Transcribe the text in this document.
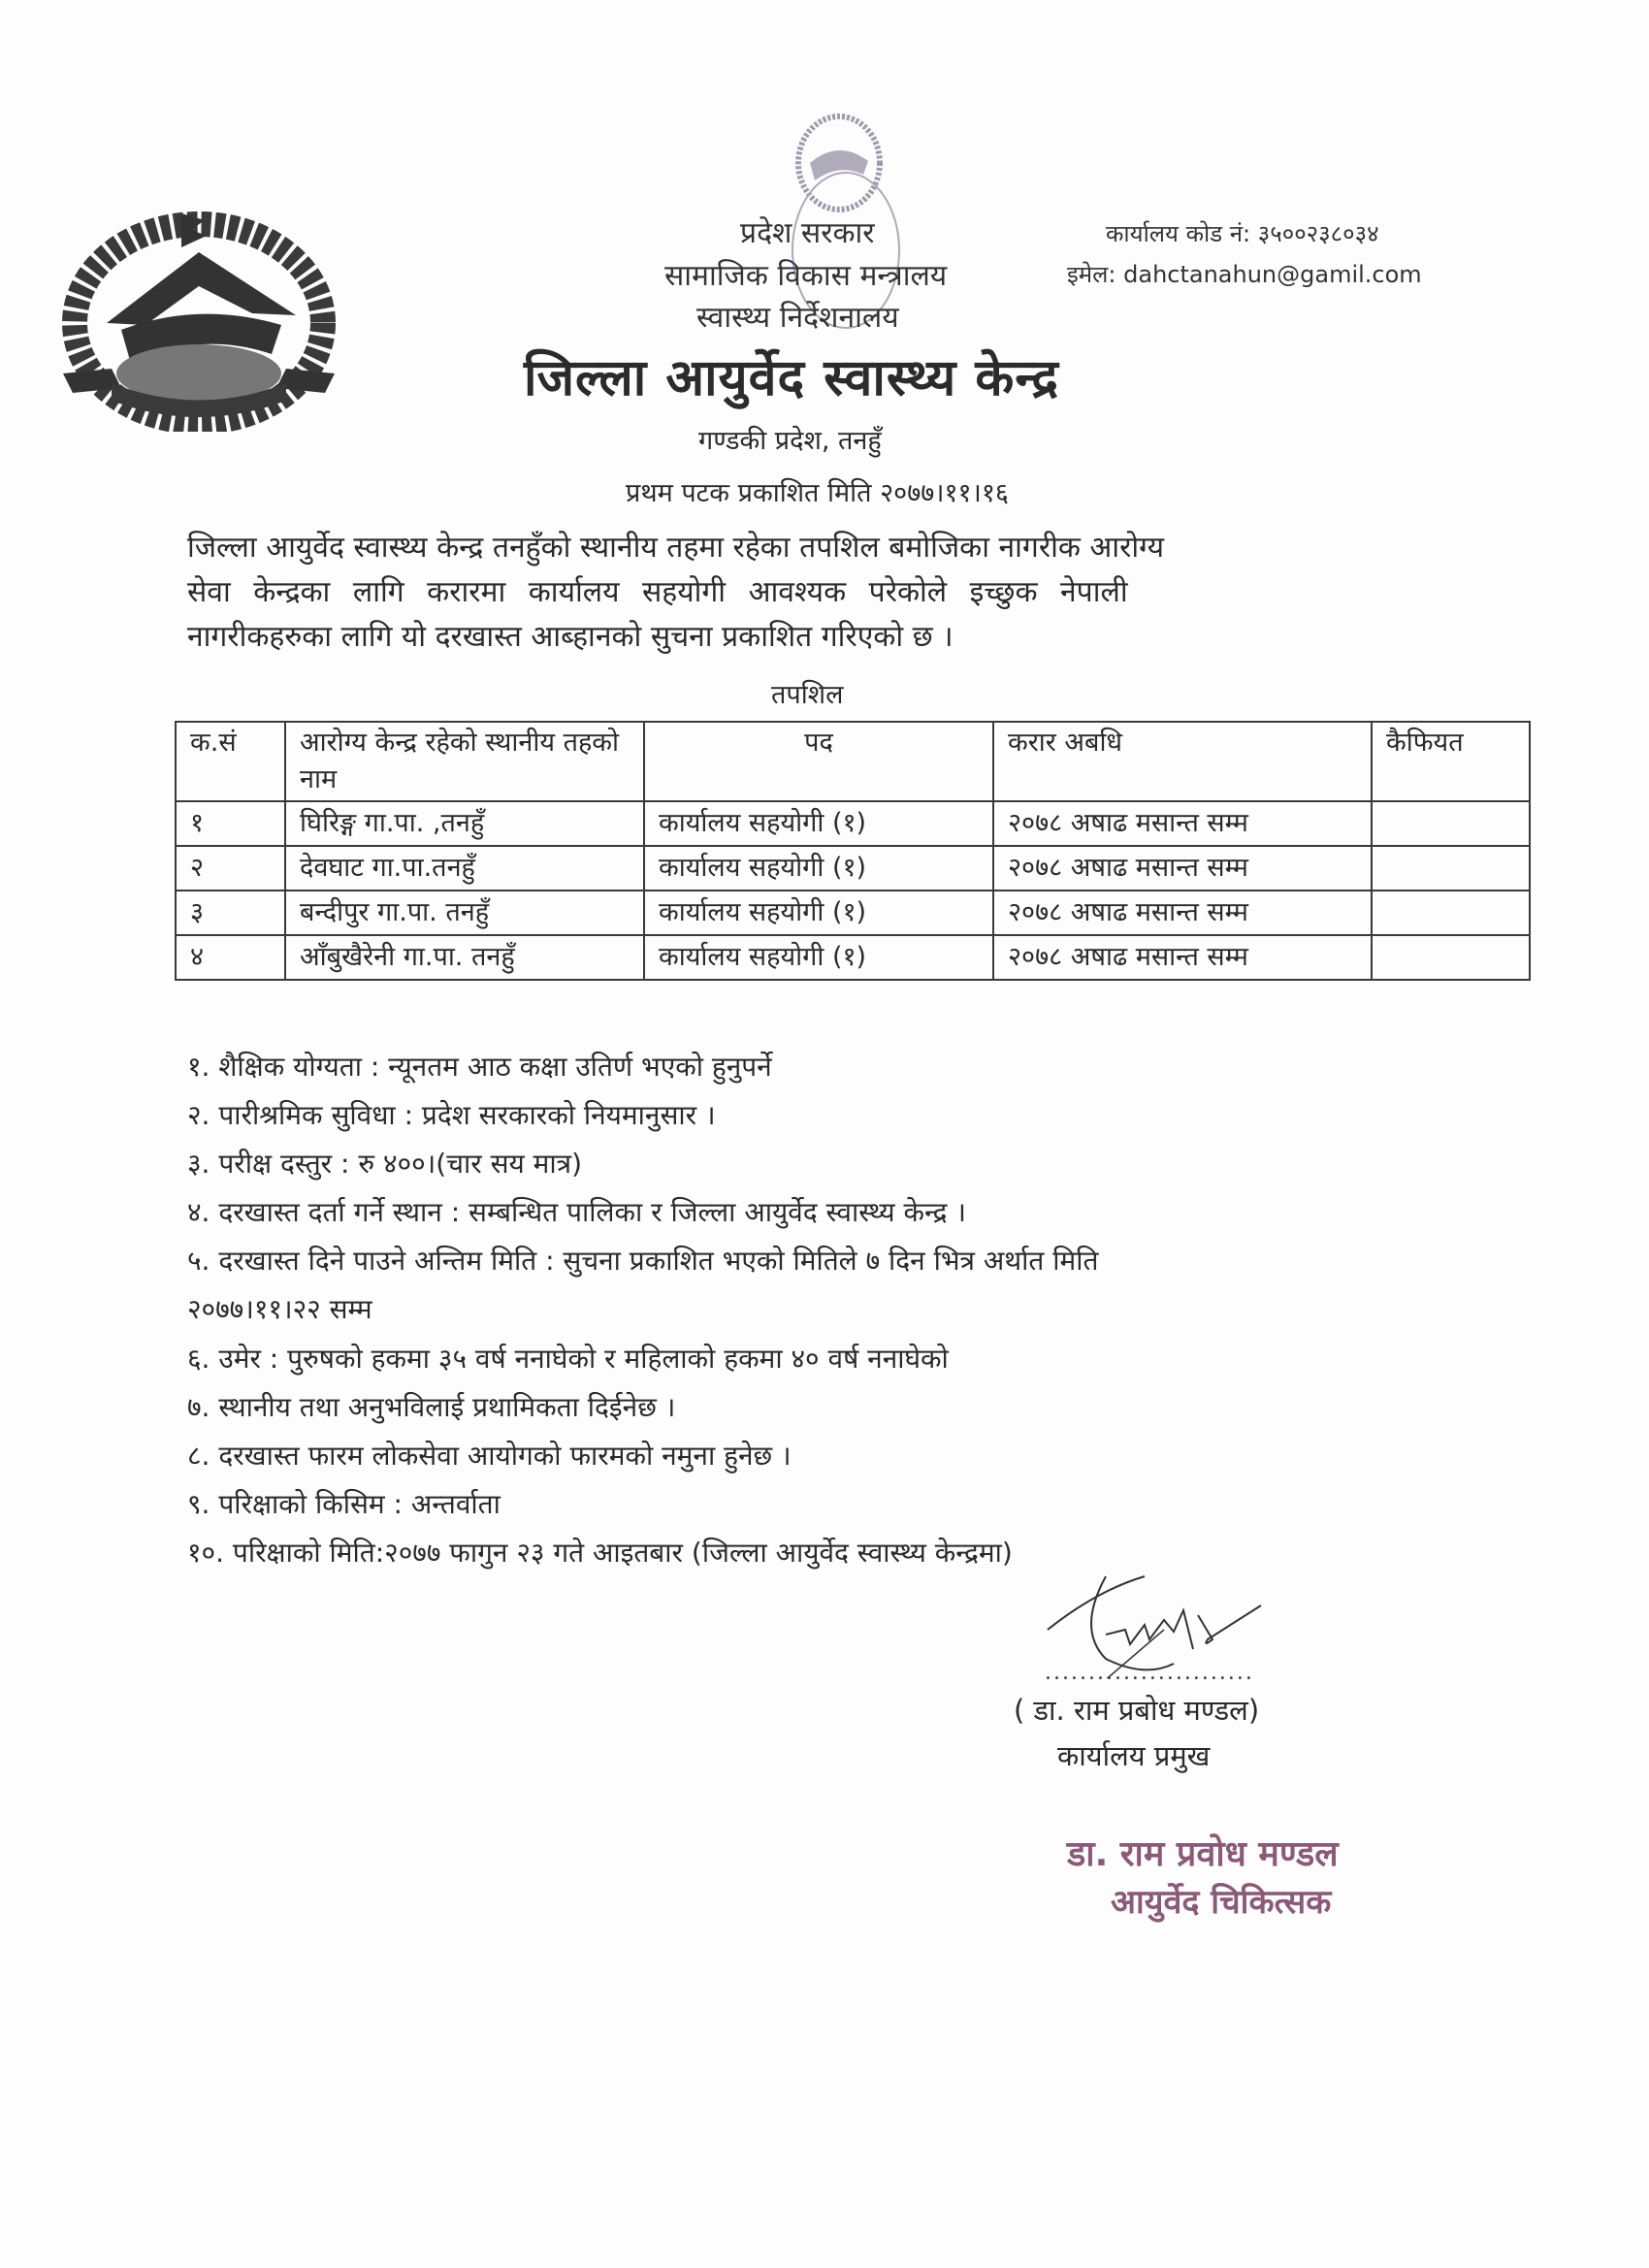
प्रदेश सरकार
सामाजिक विकास मन्त्रालय
स्वास्थ्य निर्देशनालय
कार्यालय कोड नं: ३५००२३८०३४
इमेल: dahctanahun@gamil.com
जिल्ला आयुर्वेद स्वास्थ्य केन्द्र
गण्डकी प्रदेश, तनहुँ
प्रथम पटक प्रकाशित मिति २०७७।११।१६
जिल्ला आयुर्वेद स्वास्थ्य केन्द्र तनहुँको स्थानीय तहमा रहेका तपशिल बमोजिका नागरीक आरोग्य
सेवा केन्द्रका लागि करारमा कार्यालय सहयोगी आवश्यक परेकोले इच्छुक नेपाली
नागरीकहरुका लागि यो दरखास्त आब्हानको सुचना प्रकाशित गरिएको छ ।
तपशिल
क.सं	आरोग्य केन्द्र रहेको स्थानीय तहको नाम	पद	करार अबधि	कैफियत
१	घिरिङ्ग गा.पा. ,तनहुँ	कार्यालय सहयोगी (१)	२०७८ अषाढ मसान्त सम्म	
२	देवघाट गा.पा.तनहुँ	कार्यालय सहयोगी (१)	२०७८ अषाढ मसान्त सम्म	
३	बन्दीपुर गा.पा. तनहुँ	कार्यालय सहयोगी (१)	२०७८ अषाढ मसान्त सम्म	
४	आँबुखैरेनी गा.पा. तनहुँ	कार्यालय सहयोगी (१)	२०७८ अषाढ मसान्त सम्म	
१. शैक्षिक योग्यता : न्यूनतम आठ कक्षा उतिर्ण भएको हुनुपर्ने
२. पारीश्रमिक सुविधा : प्रदेश सरकारको नियमानुसार ।
३. परीक्ष दस्तुर : रु ४००।(चार सय मात्र)
४. दरखास्त दर्ता गर्ने स्थान : सम्बन्धित पालिका र जिल्ला आयुर्वेद स्वास्थ्य केन्द्र ।
५. दरखास्त दिने पाउने अन्तिम मिति : सुचना प्रकाशित भएको मितिले ७ दिन भित्र अर्थात मिति
२०७७।११।२२ सम्म
६. उमेर : पुरुषको हकमा ३५ वर्ष ननाघेको र महिलाको हकमा ४० वर्ष ननाघेको
७. स्थानीय तथा अनुभविलाई प्रथामिकता दिईनेछ ।
८. दरखास्त फारम लोकसेवा आयोगको फारमको नमुना हुनेछ ।
९. परिक्षाको किसिम : अन्तर्वाता
१०. परिक्षाको मिति:२०७७ फागुन २३ गते आइतबार (जिल्ला आयुर्वेद स्वास्थ्य केन्द्रमा)
........................
( डा. राम प्रबोध मण्डल)
कार्यालय प्रमुख
डा. राम प्रवोध मण्डल
आयुर्वेद चिकित्सक
